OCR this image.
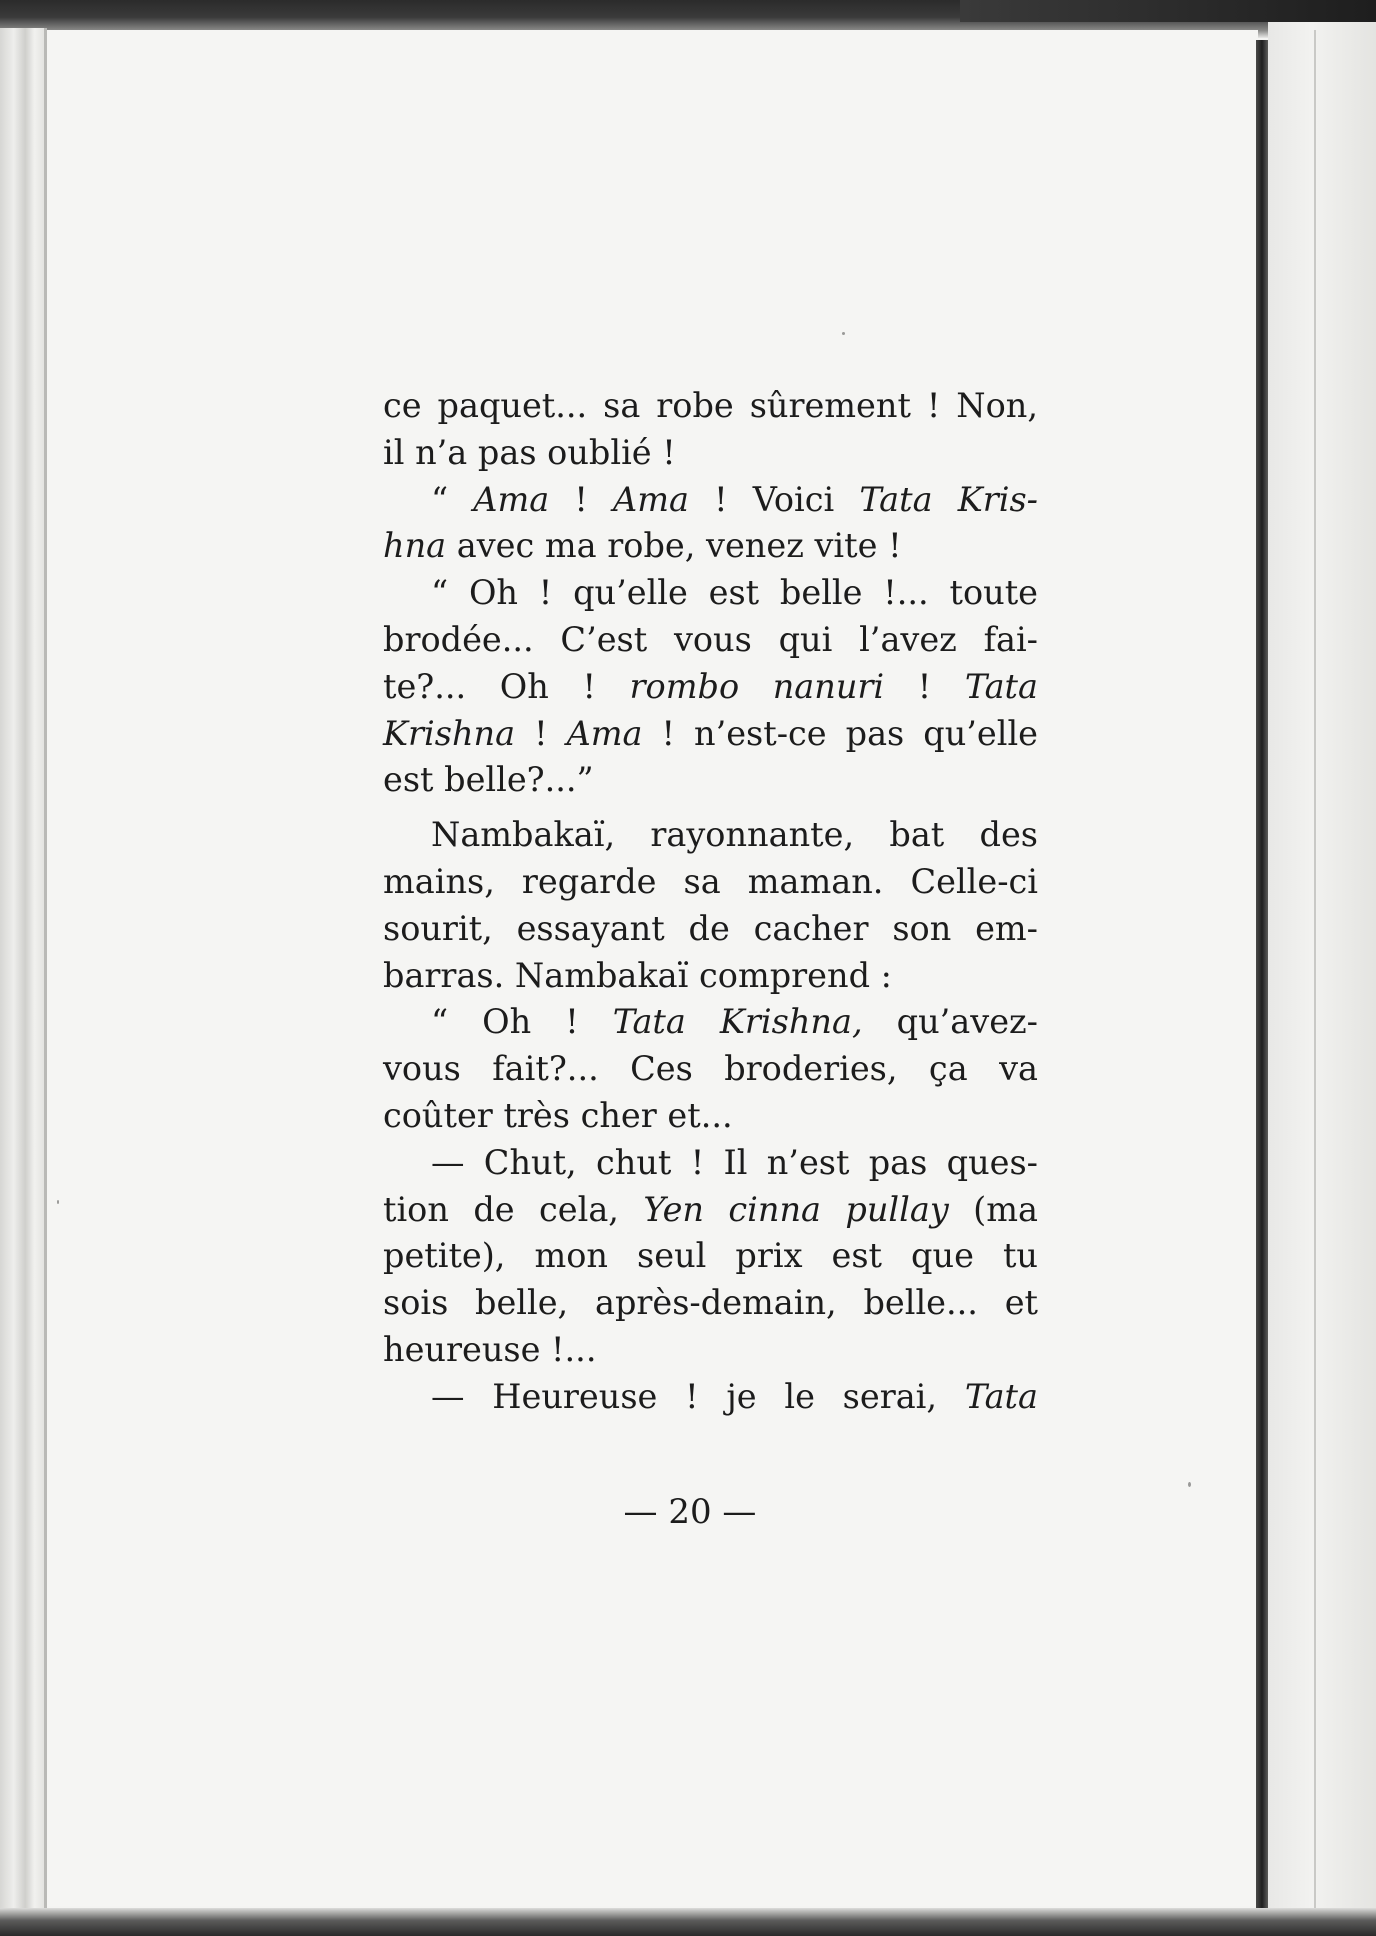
ce paquet... sa robe sûrement ! Non,
il n’a pas oublié !
“ Ama ! Ama ! Voici Tata Kris-
hna avec ma robe, venez vite !
“ Oh ! qu’elle est belle !... toute
brodée... C’est vous qui l’avez fai-
te?... Oh ! rombo nanuri ! Tata
Krishna ! Ama ! n’est-ce pas qu’elle
est belle?...”
Nambakaï, rayonnante, bat des
mains, regarde sa maman. Celle-ci
sourit, essayant de cacher son em-
barras. Nambakaï comprend :
“ Oh ! Tata Krishna, qu’avez-
vous fait?... Ces broderies, ça va
coûter très cher et...
— Chut, chut ! Il n’est pas ques-
tion de cela, Yen cinna pullay (ma
petite), mon seul prix est que tu
sois belle, après-demain, belle... et
heureuse !...
— Heureuse ! je le serai, Tata
— 20 —
